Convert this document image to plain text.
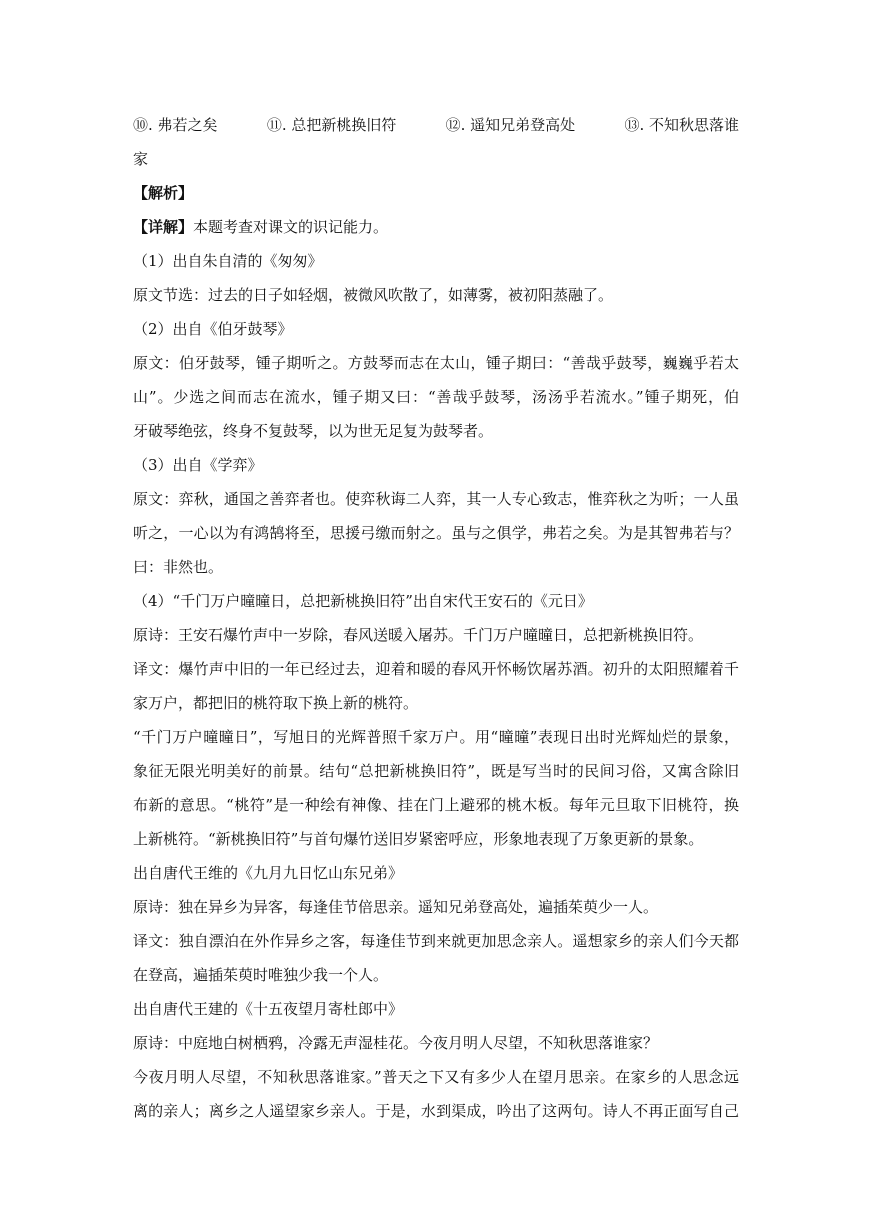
⑩. 弗若之矣	⑪. 总把新桃换旧符	⑫. 遥知兄弟登高处	⑬. 不知秋思落谁
家
【解析】
【详解】本题考查对课文的识记能力。
（1）出自朱自清的《匆匆》
原文节选：过去的日子如轻烟，被微风吹散了，如薄雾，被初阳蒸融了。
（2）出自《伯牙鼓琴》
原文：伯牙鼓琴，锺子期听之。方鼓琴而志在太山，锺子期曰：“善哉乎鼓琴，巍巍乎若太
山”。少选之间而志在流水，锺子期又曰：“善哉乎鼓琴，汤汤乎若流水。”锺子期死，伯
牙破琴绝弦，终身不复鼓琴，以为世无足复为鼓琴者。
（3）出自《学弈》
原文：弈秋，通国之善弈者也。使弈秋诲二人弈，其一人专心致志，惟弈秋之为听；一人虽
听之，一心以为有鸿鹄将至，思援弓缴而射之。虽与之俱学，弗若之矣。为是其智弗若与？
曰：非然也。
（4）“千门万户曈曈日，总把新桃换旧符”出自宋代王安石的《元日》
原诗：王安石爆竹声中一岁除，春风送暖入屠苏。千门万户曈曈日，总把新桃换旧符。
译文：爆竹声中旧的一年已经过去，迎着和暖的春风开怀畅饮屠苏酒。初升的太阳照耀着千
家万户，都把旧的桃符取下换上新的桃符。
“千门万户曈曈日”，写旭日的光辉普照千家万户。用“曈曈”表现日出时光辉灿烂的景象，
象征无限光明美好的前景。结句“总把新桃换旧符”，既是写当时的民间习俗，又寓含除旧
布新的意思。“桃符”是一种绘有神像、挂在门上避邪的桃木板。每年元旦取下旧桃符，换
上新桃符。“新桃换旧符”与首句爆竹送旧岁紧密呼应，形象地表现了万象更新的景象。
出自唐代王维的《九月九日忆山东兄弟》
原诗：独在异乡为异客，每逢佳节倍思亲。遥知兄弟登高处，遍插茱萸少一人。
译文：独自漂泊在外作异乡之客，每逢佳节到来就更加思念亲人。遥想家乡的亲人们今天都
在登高，遍插茱萸时唯独少我一个人。
出自唐代王建的《十五夜望月寄杜郎中》
原诗：中庭地白树栖鸦，冷露无声湿桂花。今夜月明人尽望，不知秋思落谁家？
今夜月明人尽望，不知秋思落谁家。”普天之下又有多少人在望月思亲。在家乡的人思念远
离的亲人；离乡之人遥望家乡亲人。于是，水到渠成，吟出了这两句。诗人不再正面写自己
